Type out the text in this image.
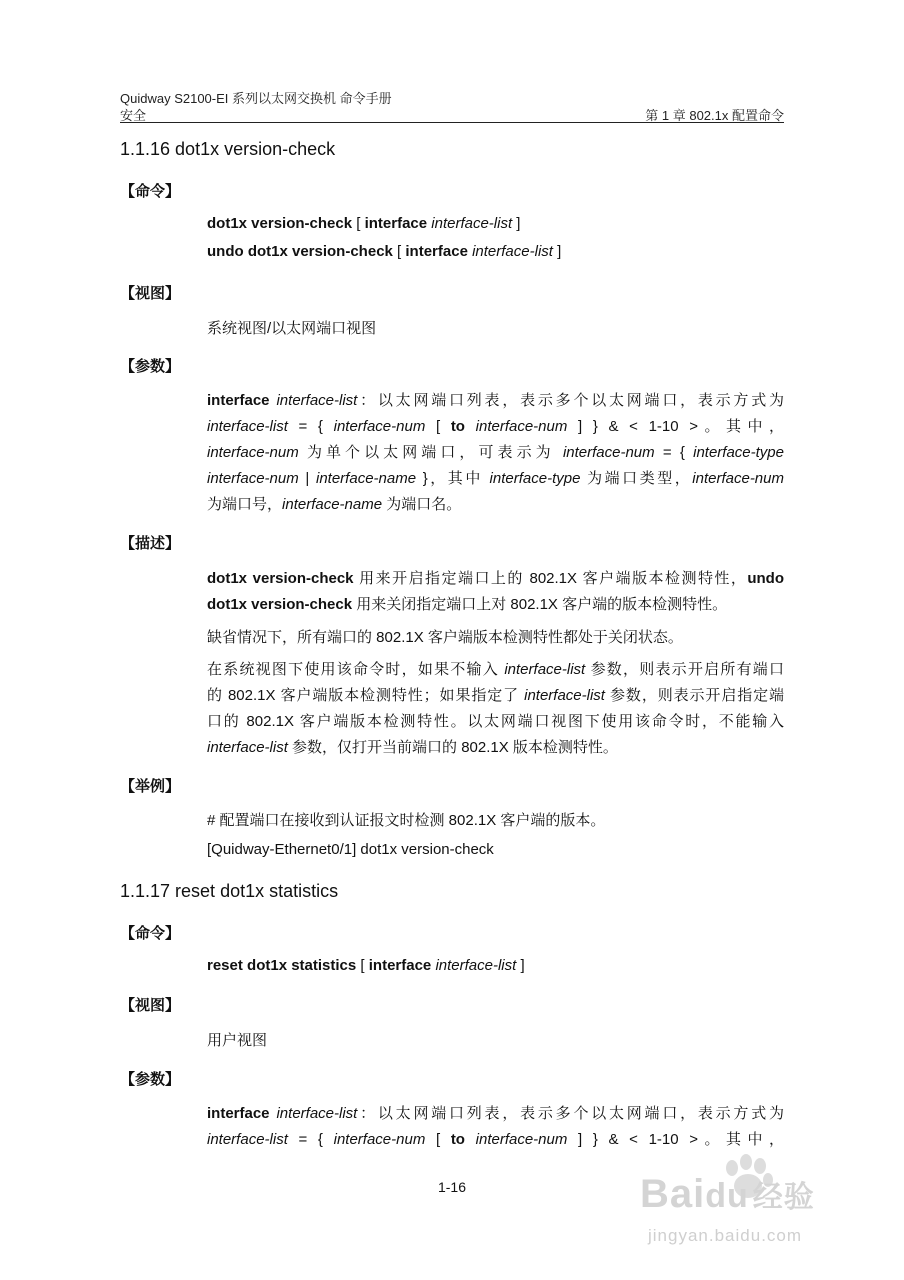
Quidway S2100-EI 系列以太网交换机 命令手册
安全	第 1 章 802.1x 配置命令
1.1.16 dot1x version-check
【命令】
dot1x version-check [ interface interface-list ]
undo dot1x version-check [ interface interface-list ]
【视图】
系统视图/以太网端口视图
【参数】
interface interface-list：以太网端口列表，表示多个以太网端口，表示方式为
interface-list = { interface-num [ to interface-num ] } & < 1-10 >。其中，
interface-num 为单个以太网端口，可表示为 interface-num = { interface-type
interface-num | interface-name }，其中 interface-type 为端口类型，interface-num
为端口号，interface-name 为端口名。
【描述】
dot1x version-check 用来开启指定端口上的 802.1X 客户端版本检测特性，undo
dot1x version-check 用来关闭指定端口上对 802.1X 客户端的版本检测特性。
缺省情况下，所有端口的 802.1X 客户端版本检测特性都处于关闭状态。
在系统视图下使用该命令时，如果不输入 interface-list 参数，则表示开启所有端口
的 802.1X 客户端版本检测特性；如果指定了 interface-list 参数，则表示开启指定端
口的 802.1X 客户端版本检测特性。以太网端口视图下使用该命令时，不能输入
interface-list 参数，仅打开当前端口的 802.1X 版本检测特性。
【举例】
# 配置端口在接收到认证报文时检测 802.1X 客户端的版本。
[Quidway-Ethernet0/1] dot1x version-check
1.1.17 reset dot1x statistics
【命令】
reset dot1x statistics [ interface interface-list ]
【视图】
用户视图
【参数】
interface interface-list：以太网端口列表，表示多个以太网端口，表示方式为
interface-list = { interface-num [ to interface-num ] } & < 1-10 >。其中，
1-16	Baidu 经验
jingyan.baidu.com
